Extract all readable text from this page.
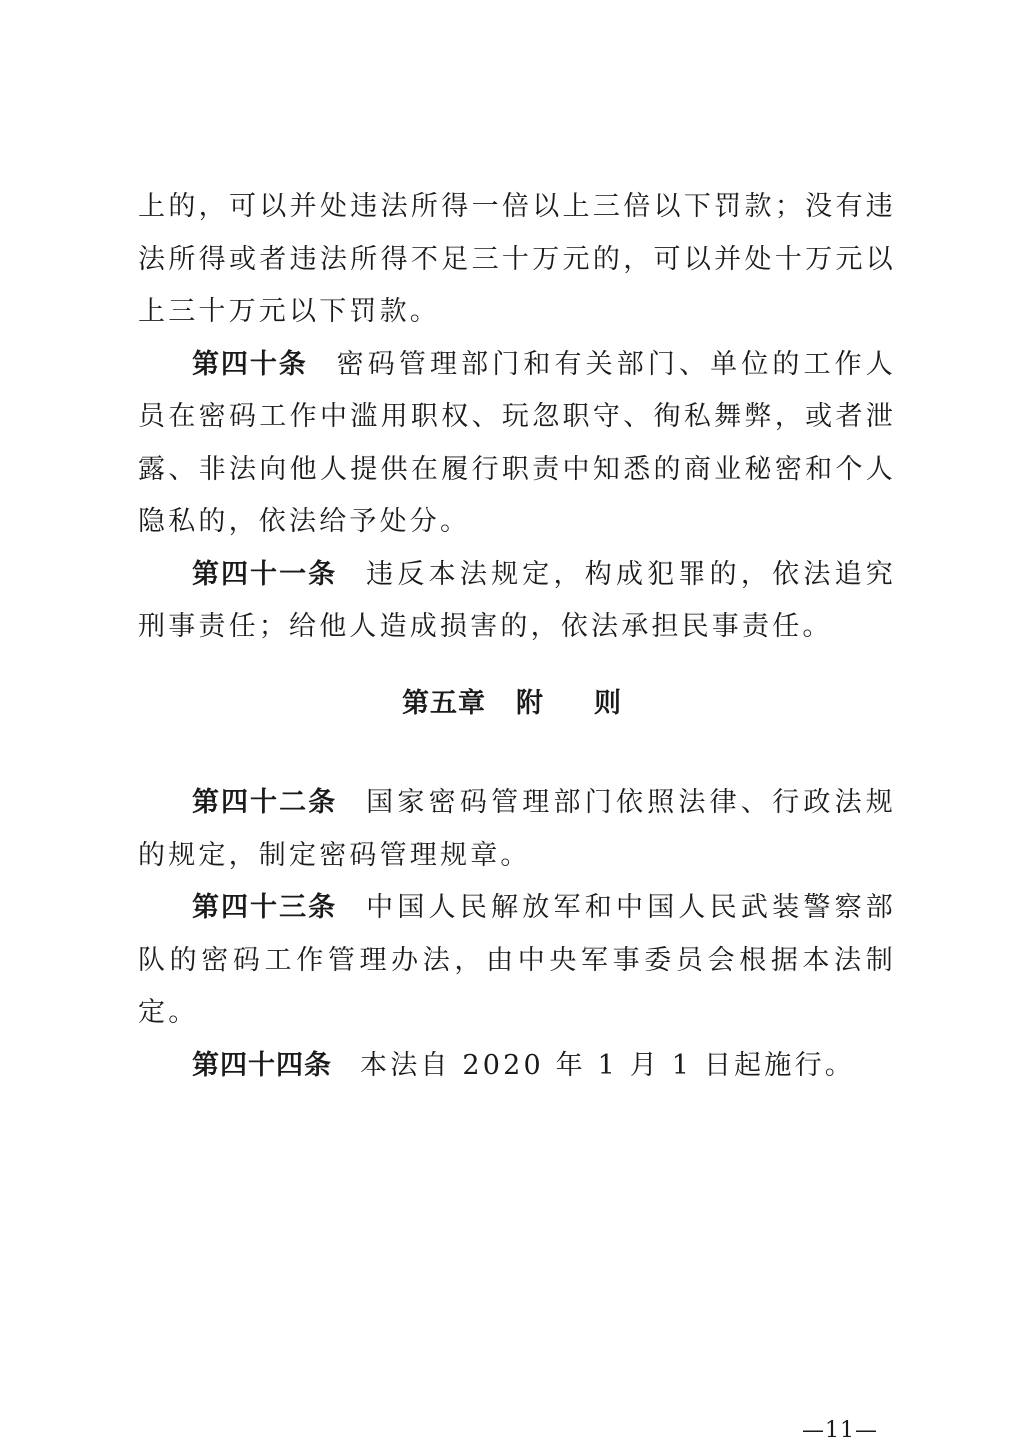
上的，可以并处违法所得一倍以上三倍以下罚款；没有违法所得或者违法所得不足三十万元的，可以并处十万元以上三十万元以下罚款。

第四十条 密码管理部门和有关部门、单位的工作人员在密码工作中滥用职权、玩忽职守、徇私舞弊，或者泄露、非法向他人提供在履行职责中知悉的商业秘密和个人隐私的，依法给予处分。

第四十一条 违反本法规定，构成犯罪的，依法追究刑事责任；给他人造成损害的，依法承担民事责任。

第五章 附 则

第四十二条 国家密码管理部门依照法律、行政法规的规定，制定密码管理规章。

第四十三条 中国人民解放军和中国人民武装警察部队的密码工作管理办法，由中央军事委员会根据本法制定。

第四十四条 本法自 2020 年 1 月 1 日起施行。

—11—
